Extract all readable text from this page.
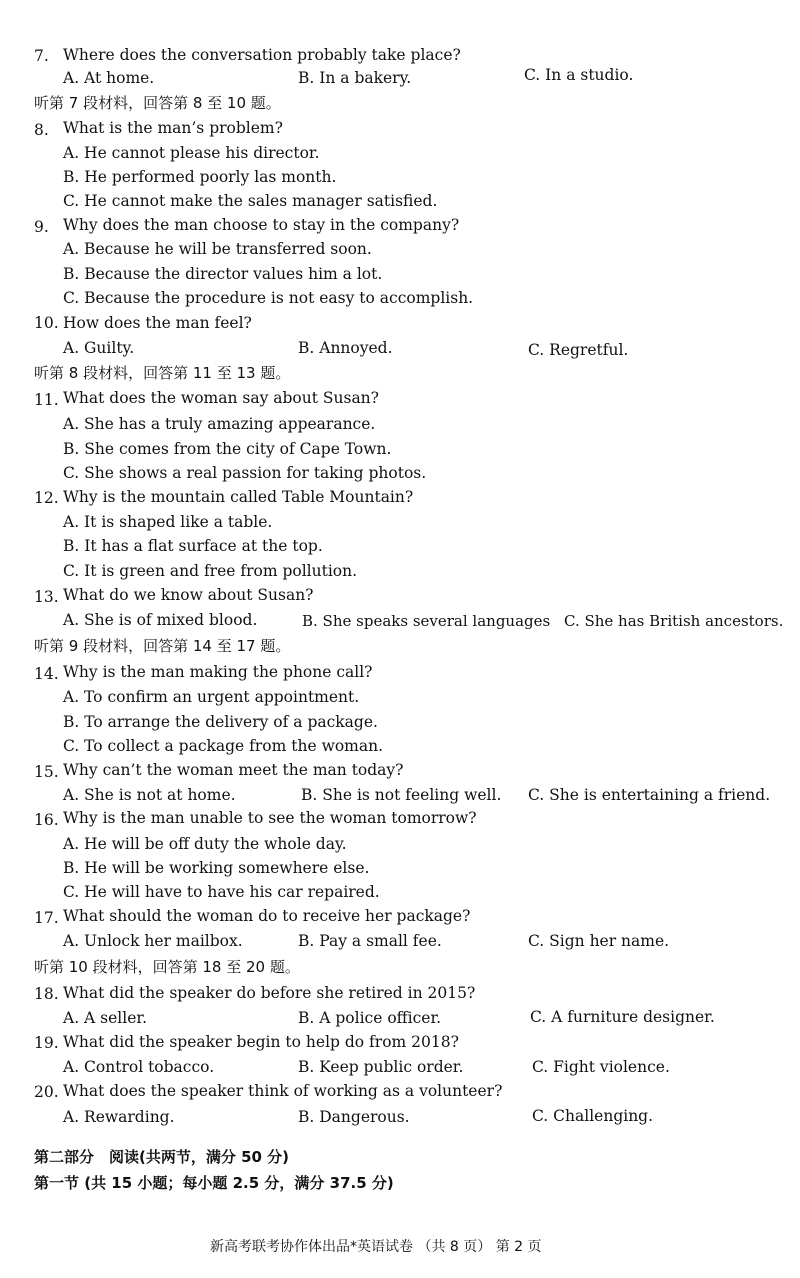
7. Where does the conversation probably take place?
A. At home.	B. In a bakery.	C. In a studio.
听第 7 段材料，回答第 8 至 10 题。
8. What is the man’s problem?
A. He cannot please his director.
B. He performed poorly las month.
C. He cannot make the sales manager satisfied.
9. Why does the man choose to stay in the company?
A. Because he will be transferred soon.
B. Because the director values him a lot.
C. Because the procedure is not easy to accomplish.
10. How does the man feel?
A. Guilty.	B. Annoyed.	C. Regretful.
听第 8 段材料，回答第 11 至 13 题。
11. What does the woman say about Susan?
A. She has a truly amazing appearance.
B. She comes from the city of Cape Town.
C. She shows a real passion for taking photos.
12. Why is the mountain called Table Mountain?
A. It is shaped like a table.
B. It has a flat surface at the top.
C. It is green and free from pollution.
13. What do we know about Susan?
A. She is of mixed blood.	B. She speaks several languages C. She has British ancestors.
听第 9 段材料，回答第 14 至 17 题。
14. Why is the man making the phone call?
A. To confirm an urgent appointment.
B. To arrange the delivery of a package.
C. To collect a package from the woman.
15. Why can’t the woman meet the man today?
A. She is not at home.	B. She is not feeling well. C. She is entertaining a friend.
16. Why is the man unable to see the woman tomorrow?
A. He will be off duty the whole day.
B. He will be working somewhere else.
C. He will have to have his car repaired.
17. What should the woman do to receive her package?
A. Unlock her mailbox.	B. Pay a small fee.	C. Sign her name.
听第 10 段材料，回答第 18 至 20 题。
18. What did the speaker do before she retired in 2015?
A. A seller.	B. A police officer.	C. A furniture designer.
19. What did the speaker begin to help do from 2018?
A. Control tobacco.	B. Keep public order.	C. Fight violence.
20. What does the speaker think of working as a volunteer?
A. Rewarding.	B. Dangerous.	C. Challenging.
第二部分　阅读(共两节，满分 50 分)
第一节 (共 15 小题；每小题 2.5 分，满分 37.5 分)
新高考联考协作体出品*英语试卷 （共 8 页） 第 2 页
